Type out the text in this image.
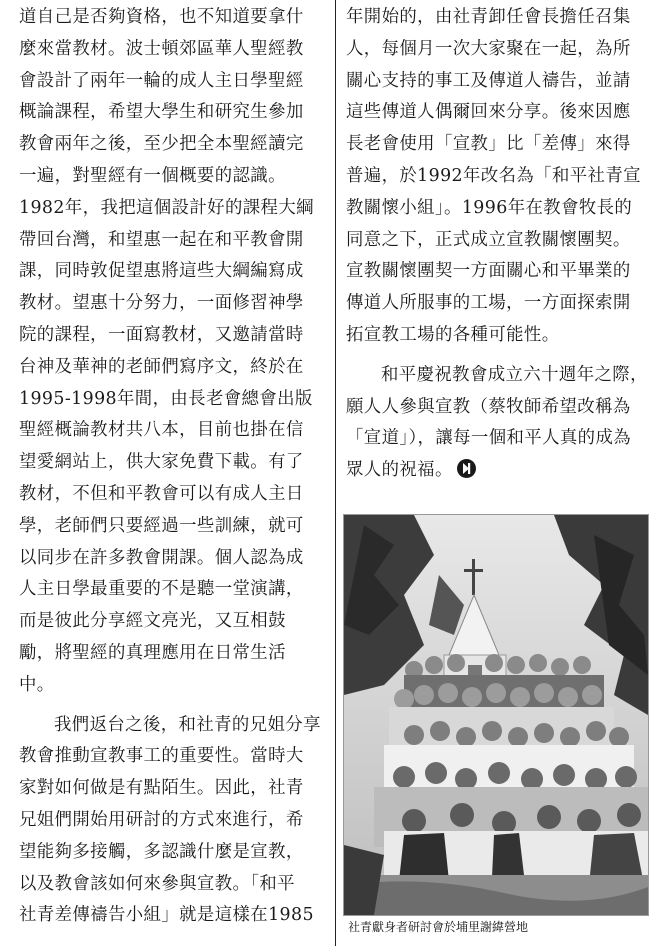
道自己是否夠資格，也不知道要拿什
麼來當教材。波士頓郊區華人聖經教
會設計了兩年一輪的成人主日學聖經
概論課程，希望大學生和研究生參加
教會兩年之後，至少把全本聖經讀完
一遍，對聖經有一個概要的認識。
1982年，我把這個設計好的課程大綱
帶回台灣，和望惠一起在和平教會開
課，同時敦促望惠將這些大綱編寫成
教材。望惠十分努力，一面修習神學
院的課程，一面寫教材，又邀請當時
台神及華神的老師們寫序文，終於在
1995-1998年間，由長老會總會出版
聖經概論教材共八本，目前也掛在信
望愛網站上，供大家免費下載。有了
教材，不但和平教會可以有成人主日
學，老師們只要經過一些訓練，就可
以同步在許多教會開課。個人認為成
人主日學最重要的不是聽一堂演講，
而是彼此分享經文亮光，又互相鼓
勵，將聖經的真理應用在日常生活
中。
我們返台之後，和社青的兄姐分享
教會推動宣教事工的重要性。當時大
家對如何做是有點陌生。因此，社青
兄姐們開始用研討的方式來進行，希
望能夠多接觸，多認識什麼是宣教，
以及教會該如何來參與宣教。「和平
社青差傳禱告小組」就是這樣在1985
年開始的，由社青卸任會長擔任召集
人，每個月一次大家聚在一起，為所
關心支持的事工及傳道人禱告，並請
這些傳道人偶爾回來分享。後來因應
長老會使用「宣教」比「差傳」來得
普遍，於1992年改名為「和平社青宣
教關懷小組」。1996年在教會牧長的
同意之下，正式成立宣教關懷團契。
宣教關懷團契一方面關心和平畢業的
傳道人所服事的工場，一方面探索開
拓宣教工場的各種可能性。
和平慶祝教會成立六十週年之際，
願人人參與宣教（蔡牧師希望改稱為
「宣道」），讓每一個和平人真的成為
眾人的祝福。
社青獻身者研討會於埔里謝緯營地
